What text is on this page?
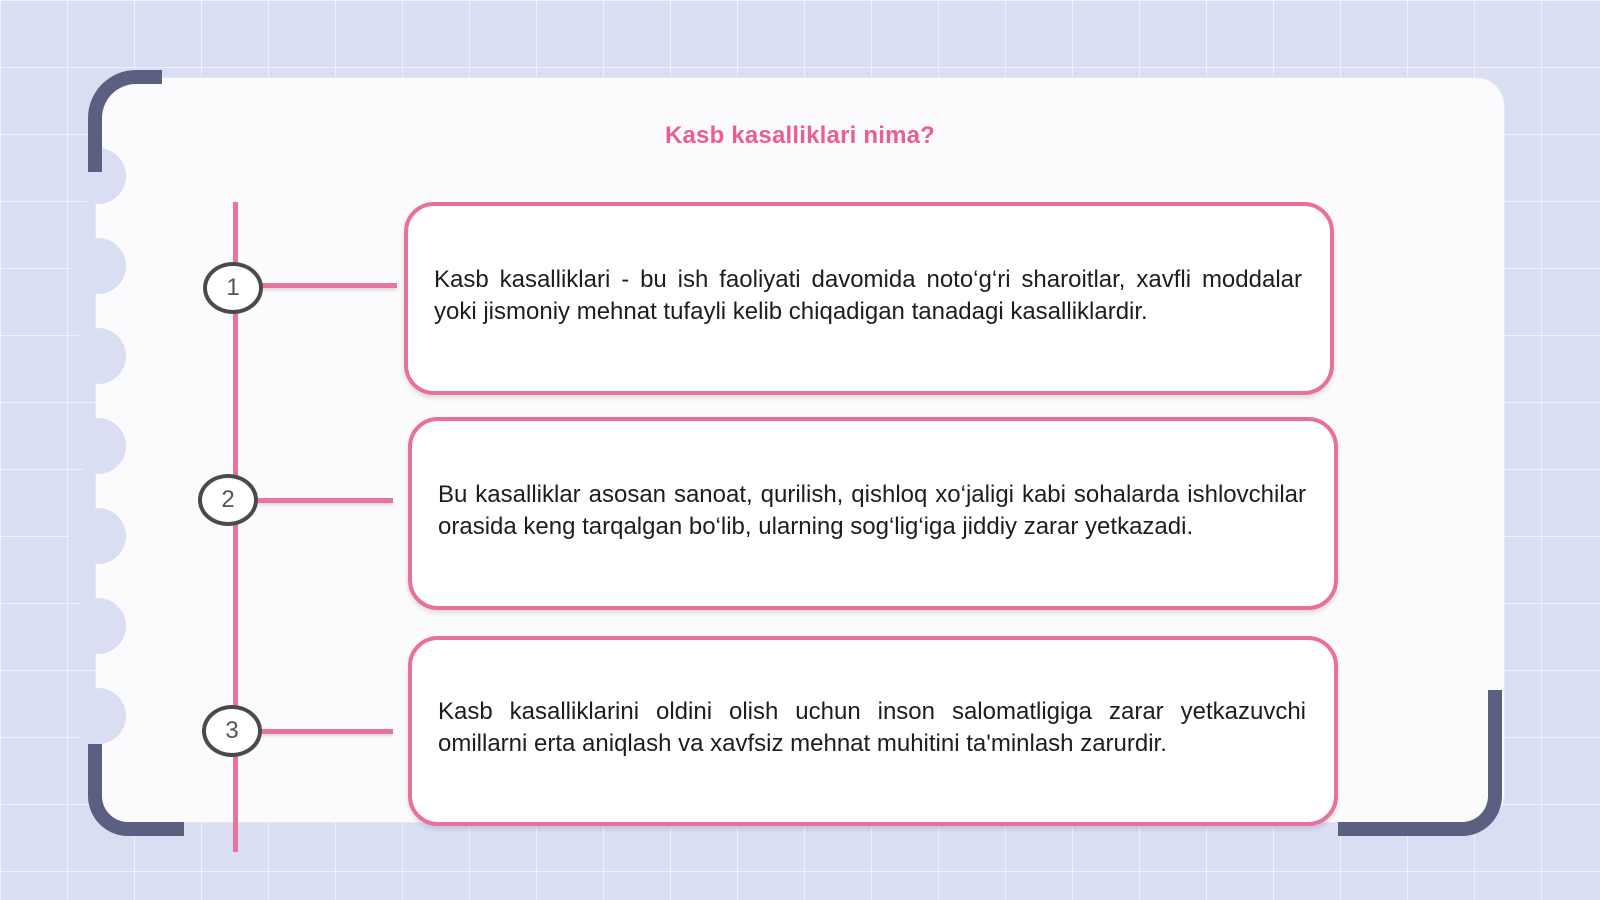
Kasb kasalliklari nima?
1	Kasb kasalliklari - bu ish faoliyati davomida noto‘g‘ri sharoitlar, xavfli moddalar yoki jismoniy mehnat tufayli kelib chiqadigan tanadagi kasalliklardir.

2	Bu kasalliklar asosan sanoat, qurilish, qishloq xo‘jaligi kabi sohalarda ishlovchilar orasida keng tarqalgan bo‘lib, ularning sog‘lig‘iga jiddiy zarar yetkazadi.

3

Kasb kasalliklarini oldini olish uchun inson salomatligiga zarar yetkazuvchi omillarni erta aniqlash va xavfsiz mehnat muhitini ta'minlash zarurdir.
